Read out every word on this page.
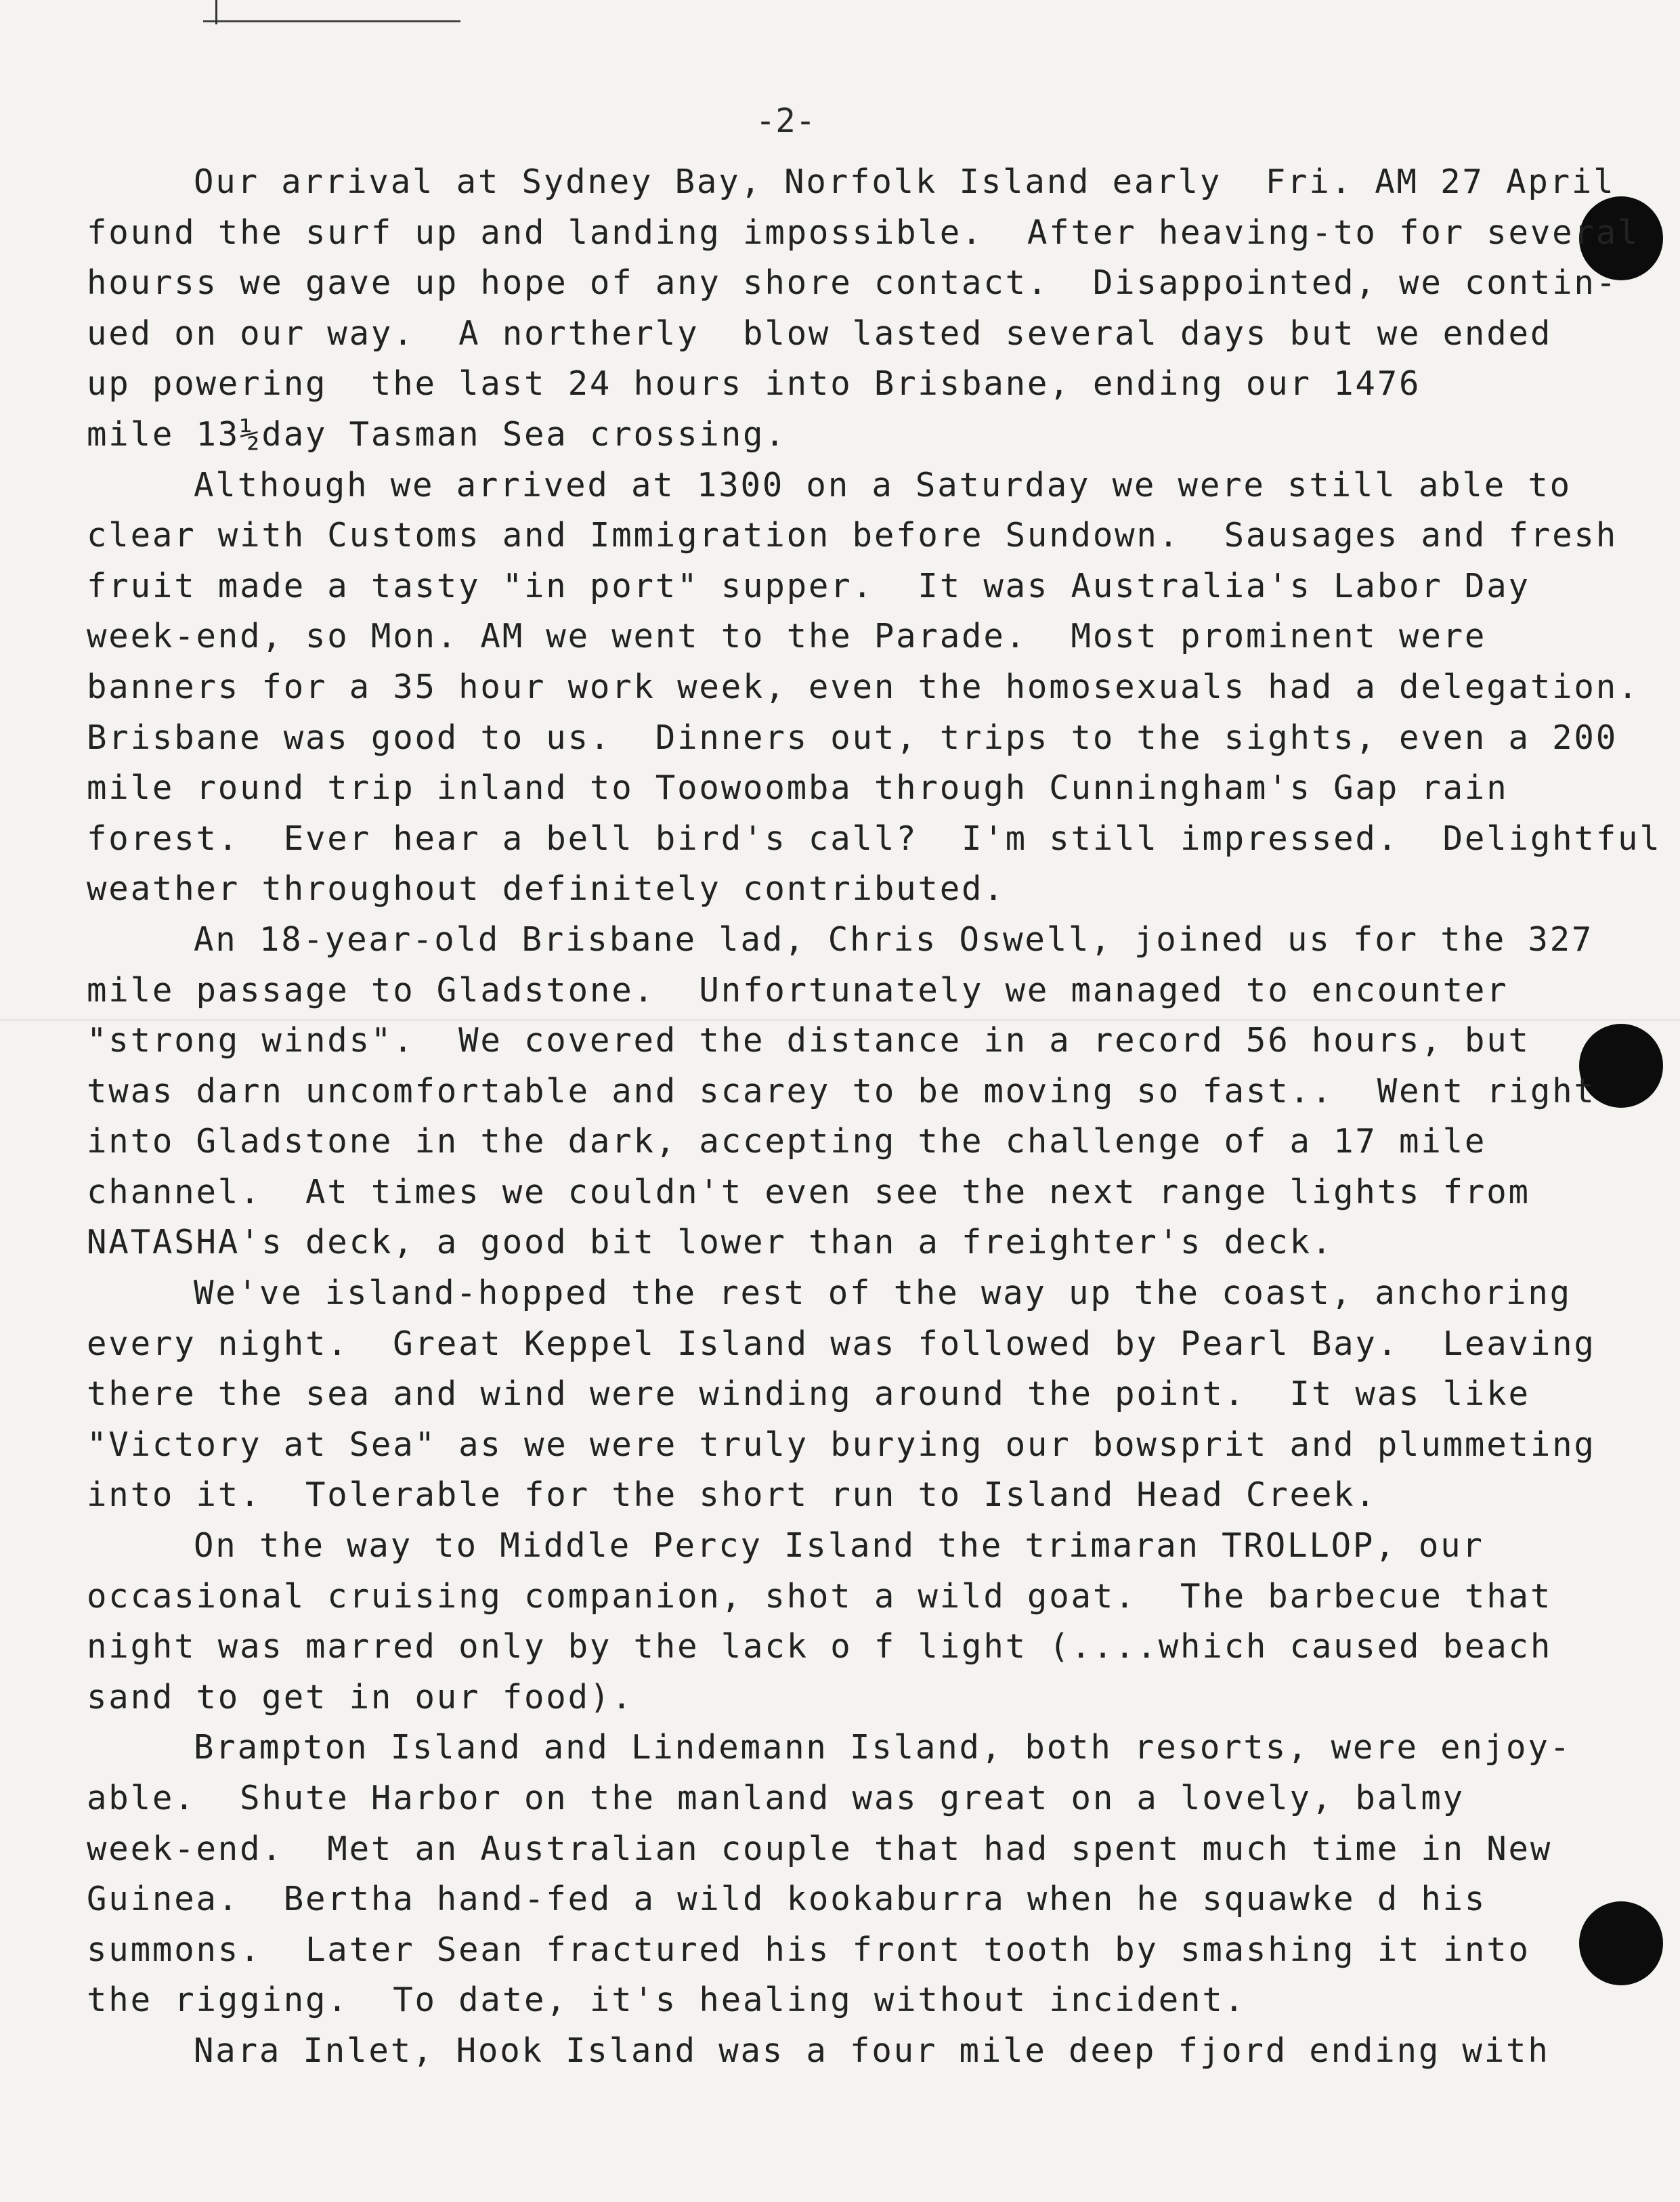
-2-
Our arrival at Sydney Bay, Norfolk Island early  Fri. AM 27 April
found the surf up and landing impossible.  After heaving-to for several
hourss we gave up hope of any shore contact.  Disappointed, we contin-
ued on our way.  A northerly  blow lasted several days but we ended
up powering  the last 24 hours into Brisbane, ending our 1476
mile 13½day Tasman Sea crossing.
Although we arrived at 1300 on a Saturday we were still able to
clear with Customs and Immigration before Sundown.  Sausages and fresh
fruit made a tasty "in port" supper.  It was Australia's Labor Day
week-end, so Mon. AM we went to the Parade.  Most prominent were
banners for a 35 hour work week, even the homosexuals had a delegation.
Brisbane was good to us.  Dinners out, trips to the sights, even a 200
mile round trip inland to Toowoomba through Cunningham's Gap rain
forest.  Ever hear a bell bird's call?  I'm still impressed.  Delightful
weather throughout definitely contributed.
An 18-year-old Brisbane lad, Chris Oswell, joined us for the 327
mile passage to Gladstone.  Unfortunately we managed to encounter
"strong winds".  We covered the distance in a record 56 hours, but
twas darn uncomfortable and scarey to be moving so fast..  Went right
into Gladstone in the dark, accepting the challenge of a 17 mile
channel.  At times we couldn't even see the next range lights from
NATASHA's deck, a good bit lower than a freighter's deck.
We've island-hopped the rest of the way up the coast, anchoring
every night.  Great Keppel Island was followed by Pearl Bay.  Leaving
there the sea and wind were winding around the point.  It was like
"Victory at Sea" as we were truly burying our bowsprit and plummeting
into it.  Tolerable for the short run to Island Head Creek.
On the way to Middle Percy Island the trimaran TROLLOP, our
occasional cruising companion, shot a wild goat.  The barbecue that
night was marred only by the lack o f light (....which caused beach
sand to get in our food).
Brampton Island and Lindemann Island, both resorts, were enjoy-
able.  Shute Harbor on the manland was great on a lovely, balmy
week-end.  Met an Australian couple that had spent much time in New
Guinea.  Bertha hand-fed a wild kookaburra when he squawke d his
summons.  Later Sean fractured his front tooth by smashing it into
the rigging.  To date, it's healing without incident.
Nara Inlet, Hook Island was a four mile deep fjord ending with
